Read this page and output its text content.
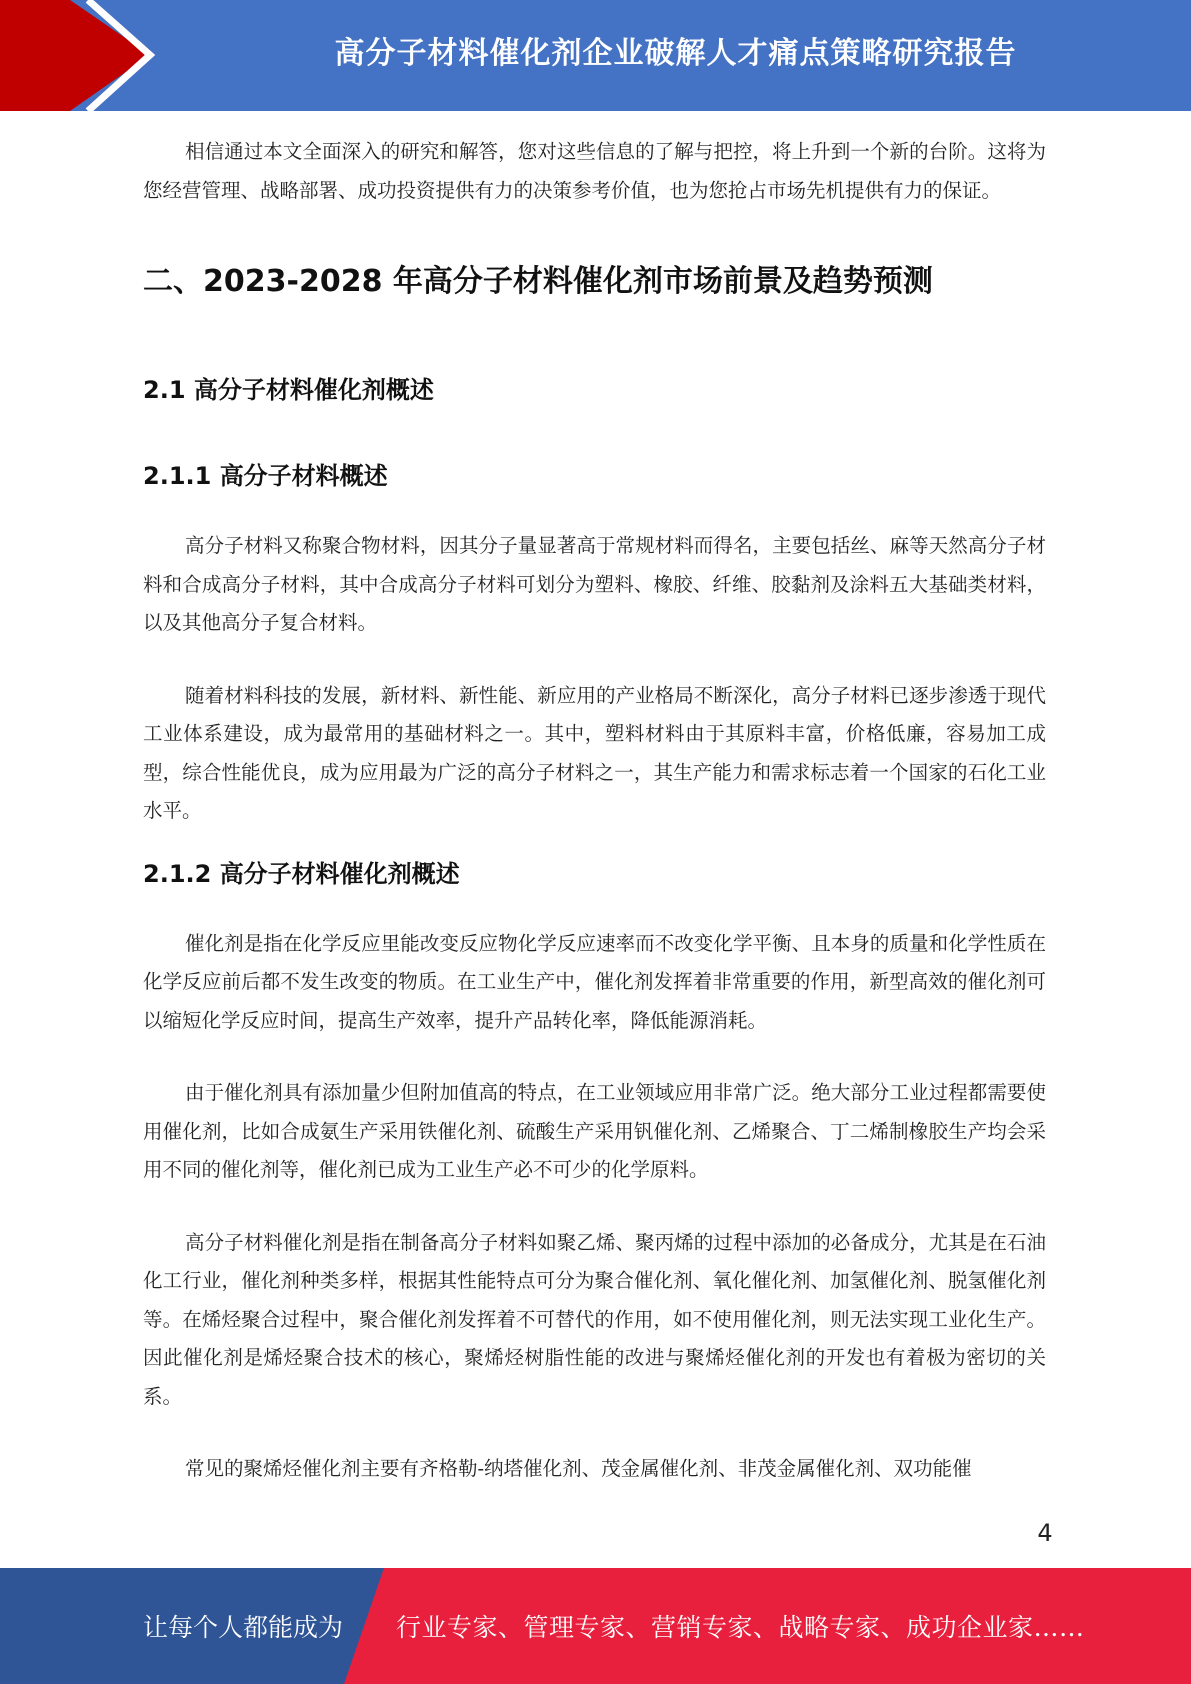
高分子材料催化剂企业破解人才痛点策略研究报告

相信通过本文全面深入的研究和解答，您对这些信息的了解与把控，将上升到一个新的台阶。这将为您经营管理、战略部署、成功投资提供有力的决策参考价值，也为您抢占市场先机提供有力的保证。

二、2023-2028 年高分子材料催化剂市场前景及趋势预测
2.1 高分子材料催化剂概述
2.1.1 高分子材料概述

高分子材料又称聚合物材料，因其分子量显著高于常规材料而得名，主要包括丝、麻等天然高分子材料和合成高分子材料，其中合成高分子材料可划分为塑料、橡胶、纤维、胶黏剂及涂料五大基础类材料，以及其他高分子复合材料。

随着材料科技的发展，新材料、新性能、新应用的产业格局不断深化，高分子材料已逐步渗透于现代工业体系建设，成为最常用的基础材料之一。其中，塑料材料由于其原料丰富，价格低廉，容易加工成型，综合性能优良，成为应用最为广泛的高分子材料之一，其生产能力和需求标志着一个国家的石化工业水平。

2.1.2 高分子材料催化剂概述

催化剂是指在化学反应里能改变反应物化学反应速率而不改变化学平衡、且本身的质量和化学性质在化学反应前后都不发生改变的物质。在工业生产中，催化剂发挥着非常重要的作用，新型高效的催化剂可以缩短化学反应时间，提高生产效率，提升产品转化率，降低能源消耗。

由于催化剂具有添加量少但附加值高的特点，在工业领域应用非常广泛。绝大部分工业过程都需要使用催化剂，比如合成氨生产采用铁催化剂、硫酸生产采用钒催化剂、乙烯聚合、丁二烯制橡胶生产均会采用不同的催化剂等，催化剂已成为工业生产必不可少的化学原料。

高分子材料催化剂是指在制备高分子材料如聚乙烯、聚丙烯的过程中添加的必备成分，尤其是在石油化工行业，催化剂种类多样，根据其性能特点可分为聚合催化剂、氧化催化剂、加氢催化剂、脱氢催化剂等。在烯烃聚合过程中，聚合催化剂发挥着不可替代的作用，如不使用催化剂，则无法实现工业化生产。因此催化剂是烯烃聚合技术的核心，聚烯烃树脂性能的改进与聚烯烃催化剂的开发也有着极为密切的关系。

常见的聚烯烃催化剂主要有齐格勒-纳塔催化剂、茂金属催化剂、非茂金属催化剂、双功能催

4
让每个人都能成为 行业专家、管理专家、营销专家、战略专家、成功企业家……
